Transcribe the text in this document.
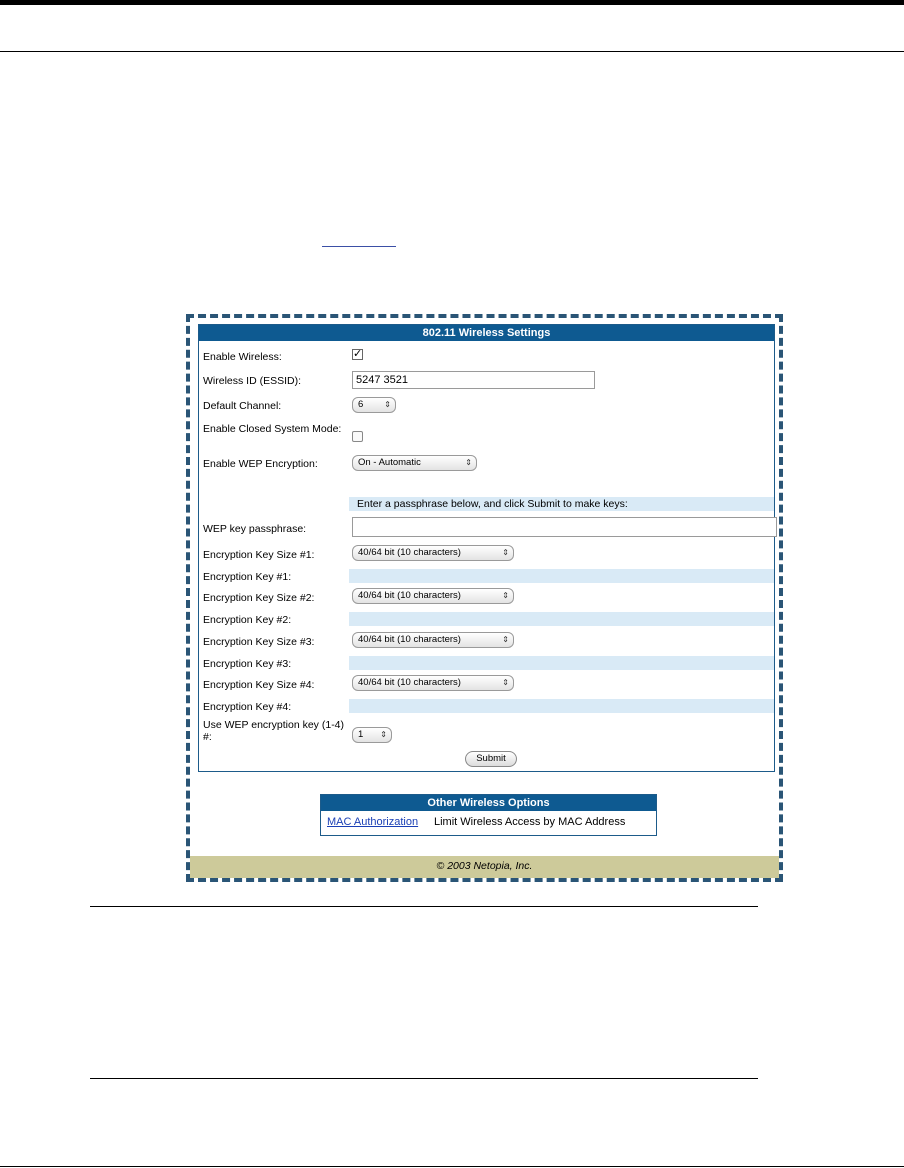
802.11 Wireless Settings
Enable Wireless:	✓
Wireless ID (ESSID):	5247 3521
Default Channel:	6	⇕
Enable Closed System Mode:
Enable WEP Encryption:	On - Automatic	⇕
Enter a passphrase below, and click Submit to make keys:
WEP key passphrase:
Encryption Key Size #1:	40/64 bit (10 characters)	⇕
Encryption Key #1:
Encryption Key Size #2:	40/64 bit (10 characters)	⇕
Encryption Key #2:
Encryption Key Size #3:	40/64 bit (10 characters)	⇕
Encryption Key #3:
Encryption Key Size #4:	40/64 bit (10 characters)	⇕
Encryption Key #4:
Use WEP encryption key (1-4) #:	1 ⇕
Submit
Other Wireless Options
MAC Authorization Limit Wireless Access by MAC Address
© 2003 Netopia, Inc.
